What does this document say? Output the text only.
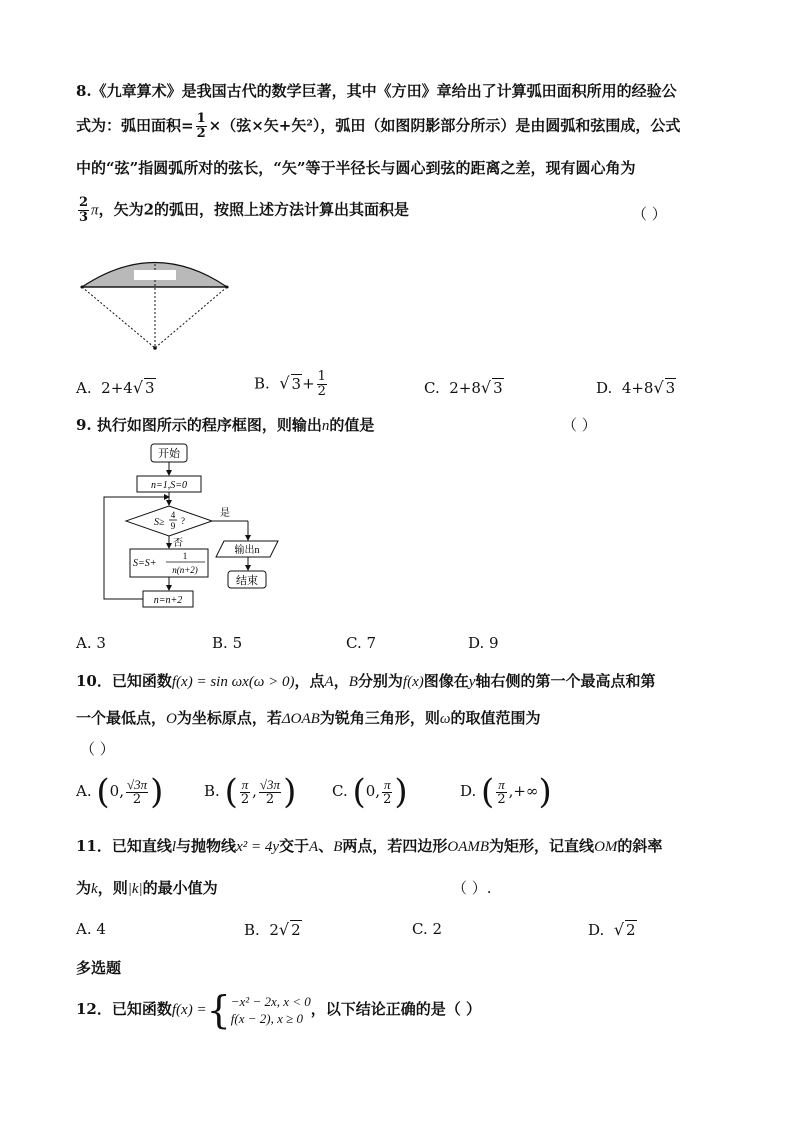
8.《九章算术》是我国古代的数学巨著，其中《方田》章给出了计算弧田面积所用的经验公
式为：弧田面积= $\frac{1}{2}$ ×（弦×矢+矢²），弧田（如图阴影部分所示）是由圆弧和弦围成，公式
中的“弦”指圆弧所对的弦长，“矢”等于半径长与圆心到弦的距离之差，现有圆心角为
$\frac{2}{3}$ π，矢为2的弧田，按照上述方法计算出其面积是	（ ）
A. 2+4√ 3	B. √ $3+ \frac{1}{2}$	C. 2+8√ 3	D. 4+8√ 3
9. 执行如图所示的程序框图，则输出n的值是	（ ）
开始
n=1,S=0
S≥
4
9 ?
是
否
S=S+
1
n(n+2)
n=n+2
输出n
结束
A. 3	B. 5	C. 7	D. 9
10．已知函数f(x) = sin ωx(ω > 0)，点A，B分别为f(x)图像在y轴右侧的第一个最高点和第
一个最低点，O为坐标原点，若ΔOAB为锐角三角形，则ω的取值范围为
（ ）
A. (0, $\frac{√3\pi}{2}$ )	B. ( $\frac{\pi}{2}$ , $\frac{√3\pi}{2}$ ) C. (0, $\frac{\pi}{2}$ )	D. ( $\frac{\pi}{2}$ ,+∞)
11．已知直线l与抛物线x² = 4y交于A、B两点，若四边形OAMB为矩形，记直线OM的斜率
为k，则|k|的最小值为	（ ）.
A. 4	B. 2√ 2	C. 2	D. √ 2
多选题
12．已知函数f(x) ={ −x² − 2x, x < 0
f(x − 2), x ≥ 0
，以下结论正确的是（ ）
